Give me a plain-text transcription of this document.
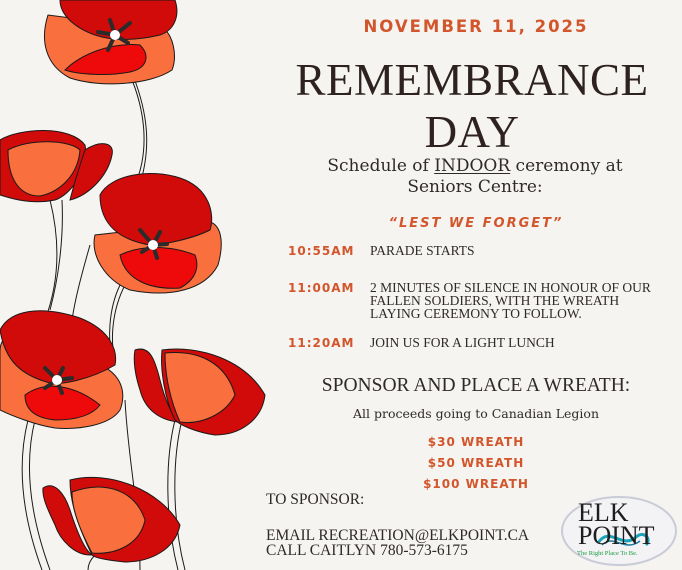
NOVEMBER 11, 2025
REMEMBRANCE
DAY
Schedule of INDOOR ceremony at
Seniors Centre:
“LEST WE FORGET”
10:55AM PARADE STARTS
11:00AM 2 MINUTES OF SILENCE IN HONOUR OF OUR
FALLEN SOLDIERS, WITH THE WREATH
LAYING CEREMONY TO FOLLOW.
11:20AM JOIN US FOR A LIGHT LUNCH
SPONSOR AND PLACE A WREATH:
All proceeds going to Canadian Legion
$30 WREATH
$50 WREATH
$100 WREATH
TO SPONSOR:
EMAIL RECREATION@ELKPOINT.CA
CALL CAITLYN 780-573-6175
ELK
POINT
The Right Place To Be.
